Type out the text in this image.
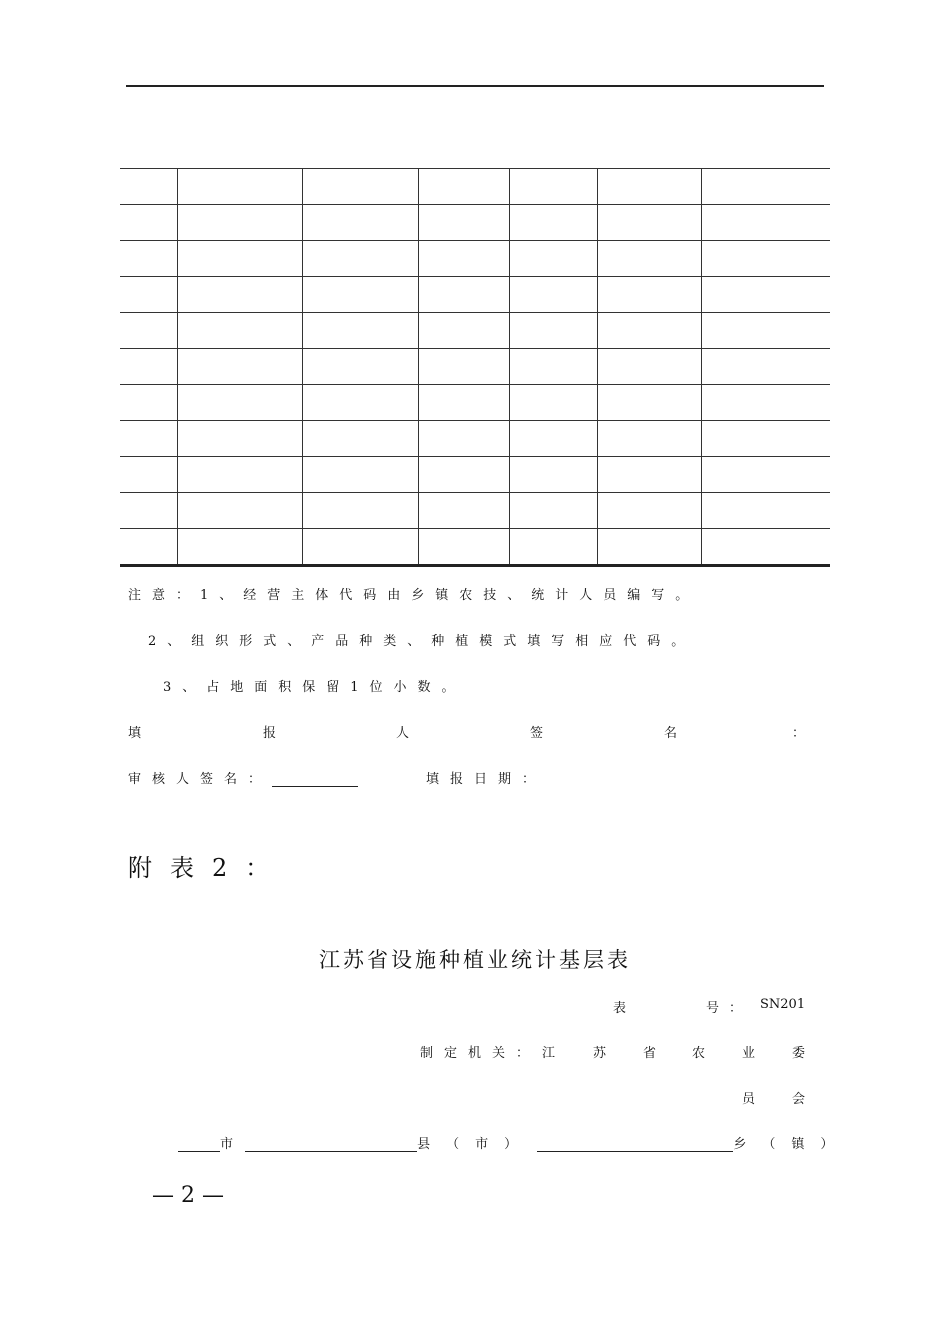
注意：1、经营主体代码由乡镇农技、统计人员编写。
2、组织形式、产品种类、种植模式填写相应代码。
3、占地面积保留1位小数。
填	报	人	签	名	：
审核人签名：	填报日期：
附表2：
江苏省设施种植业统计基层表
表	号： SN201
制定机关： 江	苏	省	农	业	委
员	会
市	县（市）	乡（镇）
— 2 —
